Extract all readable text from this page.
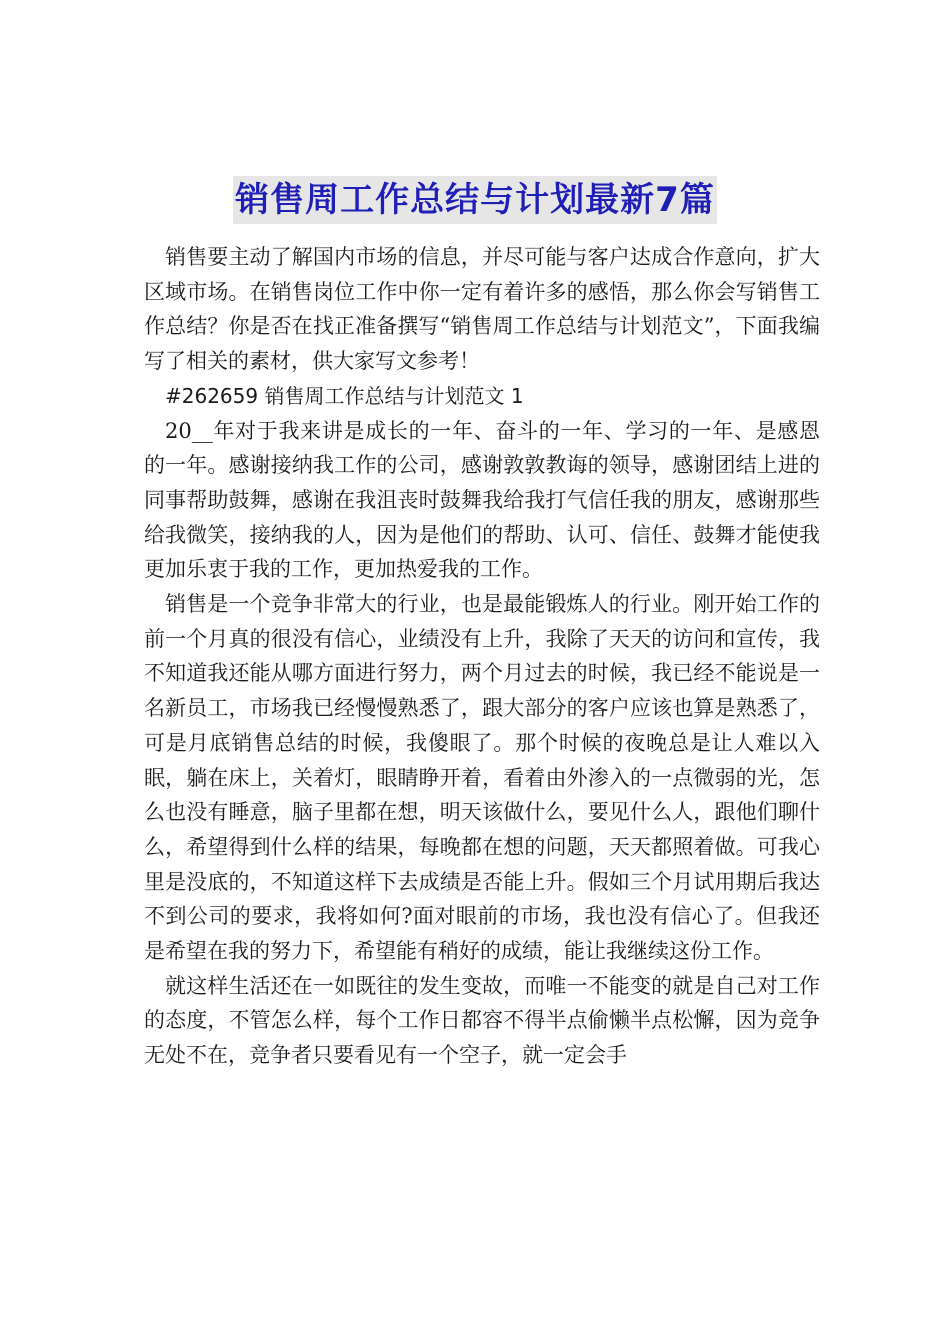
销售周工作总结与计划最新7篇

销售要主动了解国内市场的信息，并尽可能与客户达成合作意向，扩大区域市场。在销售岗位工作中你一定有着许多的感悟，那么你会写销售工作总结？你是否在找正准备撰写“销售周工作总结与计划范文”，下面我编写了相关的素材，供大家写文参考！

#262659 销售周工作总结与计划范文 1

20__年对于我来讲是成长的一年、奋斗的一年、学习的一年、是感恩的一年。感谢接纳我工作的公司，感谢敦敦教诲的领导，感谢团结上进的同事帮助鼓舞，感谢在我沮丧时鼓舞我给我打气信任我的朋友，感谢那些给我微笑，接纳我的人，因为是他们的帮助、认可、信任、鼓舞才能使我更加乐衷于我的工作，更加热爱我的工作。

销售是一个竞争非常大的行业，也是最能锻炼人的行业。刚开始工作的前一个月真的很没有信心，业绩没有上升，我除了天天的访问和宣传，我不知道我还能从哪方面进行努力，两个月过去的时候，我已经不能说是一名新员工，市场我已经慢慢熟悉了，跟大部分的客户应该也算是熟悉了，可是月底销售总结的时候，我傻眼了。那个时候的夜晚总是让人难以入眠，躺在床上，关着灯，眼睛睁开着，看着由外渗入的一点微弱的光，怎么也没有睡意，脑子里都在想，明天该做什么，要见什么人，跟他们聊什么，希望得到什么样的结果，每晚都在想的问题，天天都照着做。可我心里是没底的，不知道这样下去成绩是否能上升。假如三个月试用期后我达不到公司的要求，我将如何?面对眼前的市场，我也没有信心了。但我还是希望在我的努力下，希望能有稍好的成绩，能让我继续这份工作。

就这样生活还在一如既往的发生变故，而唯一不能变的就是自己对工作的态度，不管怎么样，每个工作日都容不得半点偷懒半点松懈，因为竞争无处不在，竞争者只要看见有一个空子，就一定会手
